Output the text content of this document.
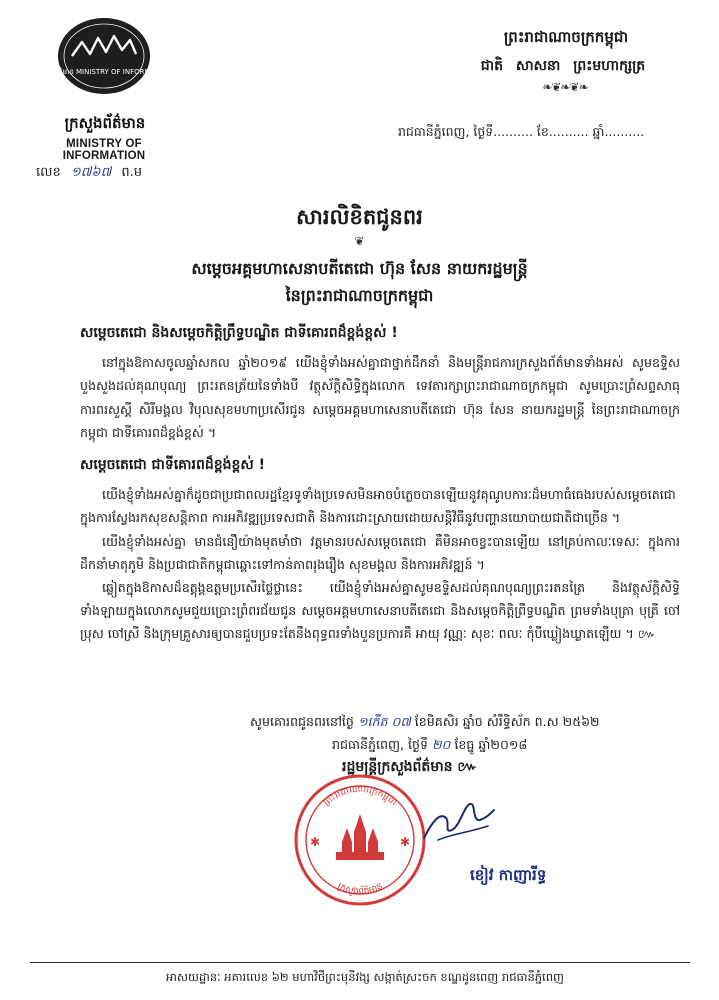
ក្រសួងព័ត៌មាន MINISTRY OF INFORMATION
ក្រសួងព័ត៌មាន
MINISTRY OF INFORMATION
លេខ ១៧៦៧ ព.ម
ព្រះរាជាណាចក្រកម្ពុជា
ជាតិ សាសនា ព្រះមហាក្សត្រ
❧❦❧❦❧
រាជធានីភ្នំពេញ, ថ្ងៃទី.......... ខែ.......... ឆ្នាំ..........
សារលិខិតជូនពរ
❦
សម្តេចអគ្គមហាសេនាបតីតេជោ ហ៊ុន សែន នាយករដ្ឋមន្ត្រី
នៃព្រះរាជាណាចក្រកម្ពុជា

សម្តេចតេជោ និងសម្តេចកិត្តិព្រឹទ្ធបណ្ឌិត ជាទីគោរពដ៏ខ្ពង់ខ្ពស់ !

នៅក្នុងឱកាសចូលឆ្នាំសកល ឆ្នាំ២០១៩ យើងខ្ញុំទាំងអស់គ្នាជាថ្នាក់ដឹកនាំ និងមន្ត្រីរាជការក្រសួងព័ត៌មានទាំងអស់ សូមឧទ្ទិសបួងសួងដល់គុណបុណ្យ ព្រះរតនត្រ័យនៃទាំងបី វត្ថុស័ក្តិសិទ្ធិក្នុងលោក ទេវតារក្សាព្រះរាជាណាចក្រកម្ពុជា សូមប្រោះព្រំសព្ទសាធុការពរសួស្តី សិរីមង្គល វិបុលសុខមហាប្រសើរជូន សម្តេចអគ្គមហាសេនាបតីតេជោ ហ៊ុន សែន នាយករដ្ឋមន្ត្រី នៃព្រះរាជាណាចក្រកម្ពុជា ជាទីគោរពដ៏ខ្ពង់ខ្ពស់ ។

សម្តេចតេជោ ជាទីគោរពដ៏ខ្ពង់ខ្ពស់ !

យើងខ្ញុំទាំងអស់គ្នាក៏ដូចជាប្រជាពលរដ្ឋខ្មែរទូទាំងប្រទេសមិនអាចបំភ្លេចបានឡើយនូវគុណូបការៈដ៏មហាធំធេងរបស់សម្តេចតេជោ ក្នុងការស្វែងរកសុខសន្តិភាព ការអភិវឌ្ឍប្រទេសជាតិ និងការដោះស្រាយដោយសន្តិវិធីនូវបញ្ហានយោបាយជាតិជាច្រើន ។

យើងខ្ញុំទាំងអស់គ្នា មានជំនឿយ៉ាងមុតមាំថា វត្តមានរបស់សម្តេចតេជោ គឺមិនអាចខ្វះបានឡើយ នៅគ្រប់កាលៈទេសៈ ក្នុងការដឹកនាំមាតុភូមិ និងប្រជាជាតិកម្ពុជាឆ្ពោះទៅកាន់ភាពរុងរឿង សុខមង្គល និងការអភិវឌ្ឍន៍ ។

ឆ្លៀតក្នុងឱកាសដ៏ឧត្តុង្គឧត្តមប្រសើរថ្លៃថ្លានេះ យើងខ្ញុំទាំងអស់គ្នាសូមឧទ្ទិសដល់គុណបុណ្យព្រះរតនត្រៃ និងវត្ថុស័ក្តិសិទ្ធិទាំងឡាយក្នុងលោកសូមជួយប្រោះព្រំពរជ័យជូន សម្តេចអគ្គមហាសេនាបតីតេជោ និងសម្តេចកិត្តិព្រឹទ្ធបណ្ឌិត ព្រមទាំងបុត្រា បុត្រី ចៅប្រុស ចៅស្រី និងក្រុមគ្រួសារឲ្យបានជួបប្រទះតែនឹងពុទ្ធពរទាំងបួនប្រការគឺ អាយុ វណ្ណៈ សុខៈ ពលៈ កុំបីឃ្លៀងឃ្លាតឡើយ ។ ៚

សូមគោរពជូនពរនៅថ្ងៃ ១កើត ០៧ ខែមិគសិរ ឆ្នាំច សំរឹទ្ធិស័ក ព.ស ២៥៦២
រាជធានីភ្នំពេញ, ថ្ងៃទី ២០ ខែធ្នូ ឆ្នាំ២០១៨
រដ្ឋមន្ត្រីក្រសួងព័ត៌មាន ៚
ព្រះរាជាណាចក្រកម្ពុជា
ក្រសួងព័ត៌មាន
✱	✱
ខៀវ កាញារីទ្ធ
អាសយដ្ឋានៈ អគារលេខ ៦២ មហាវិថីព្រះមុនីវង្ស សង្កាត់ស្រះចក ខណ្ឌដូនពេញ រាជធានីភ្នំពេញ
